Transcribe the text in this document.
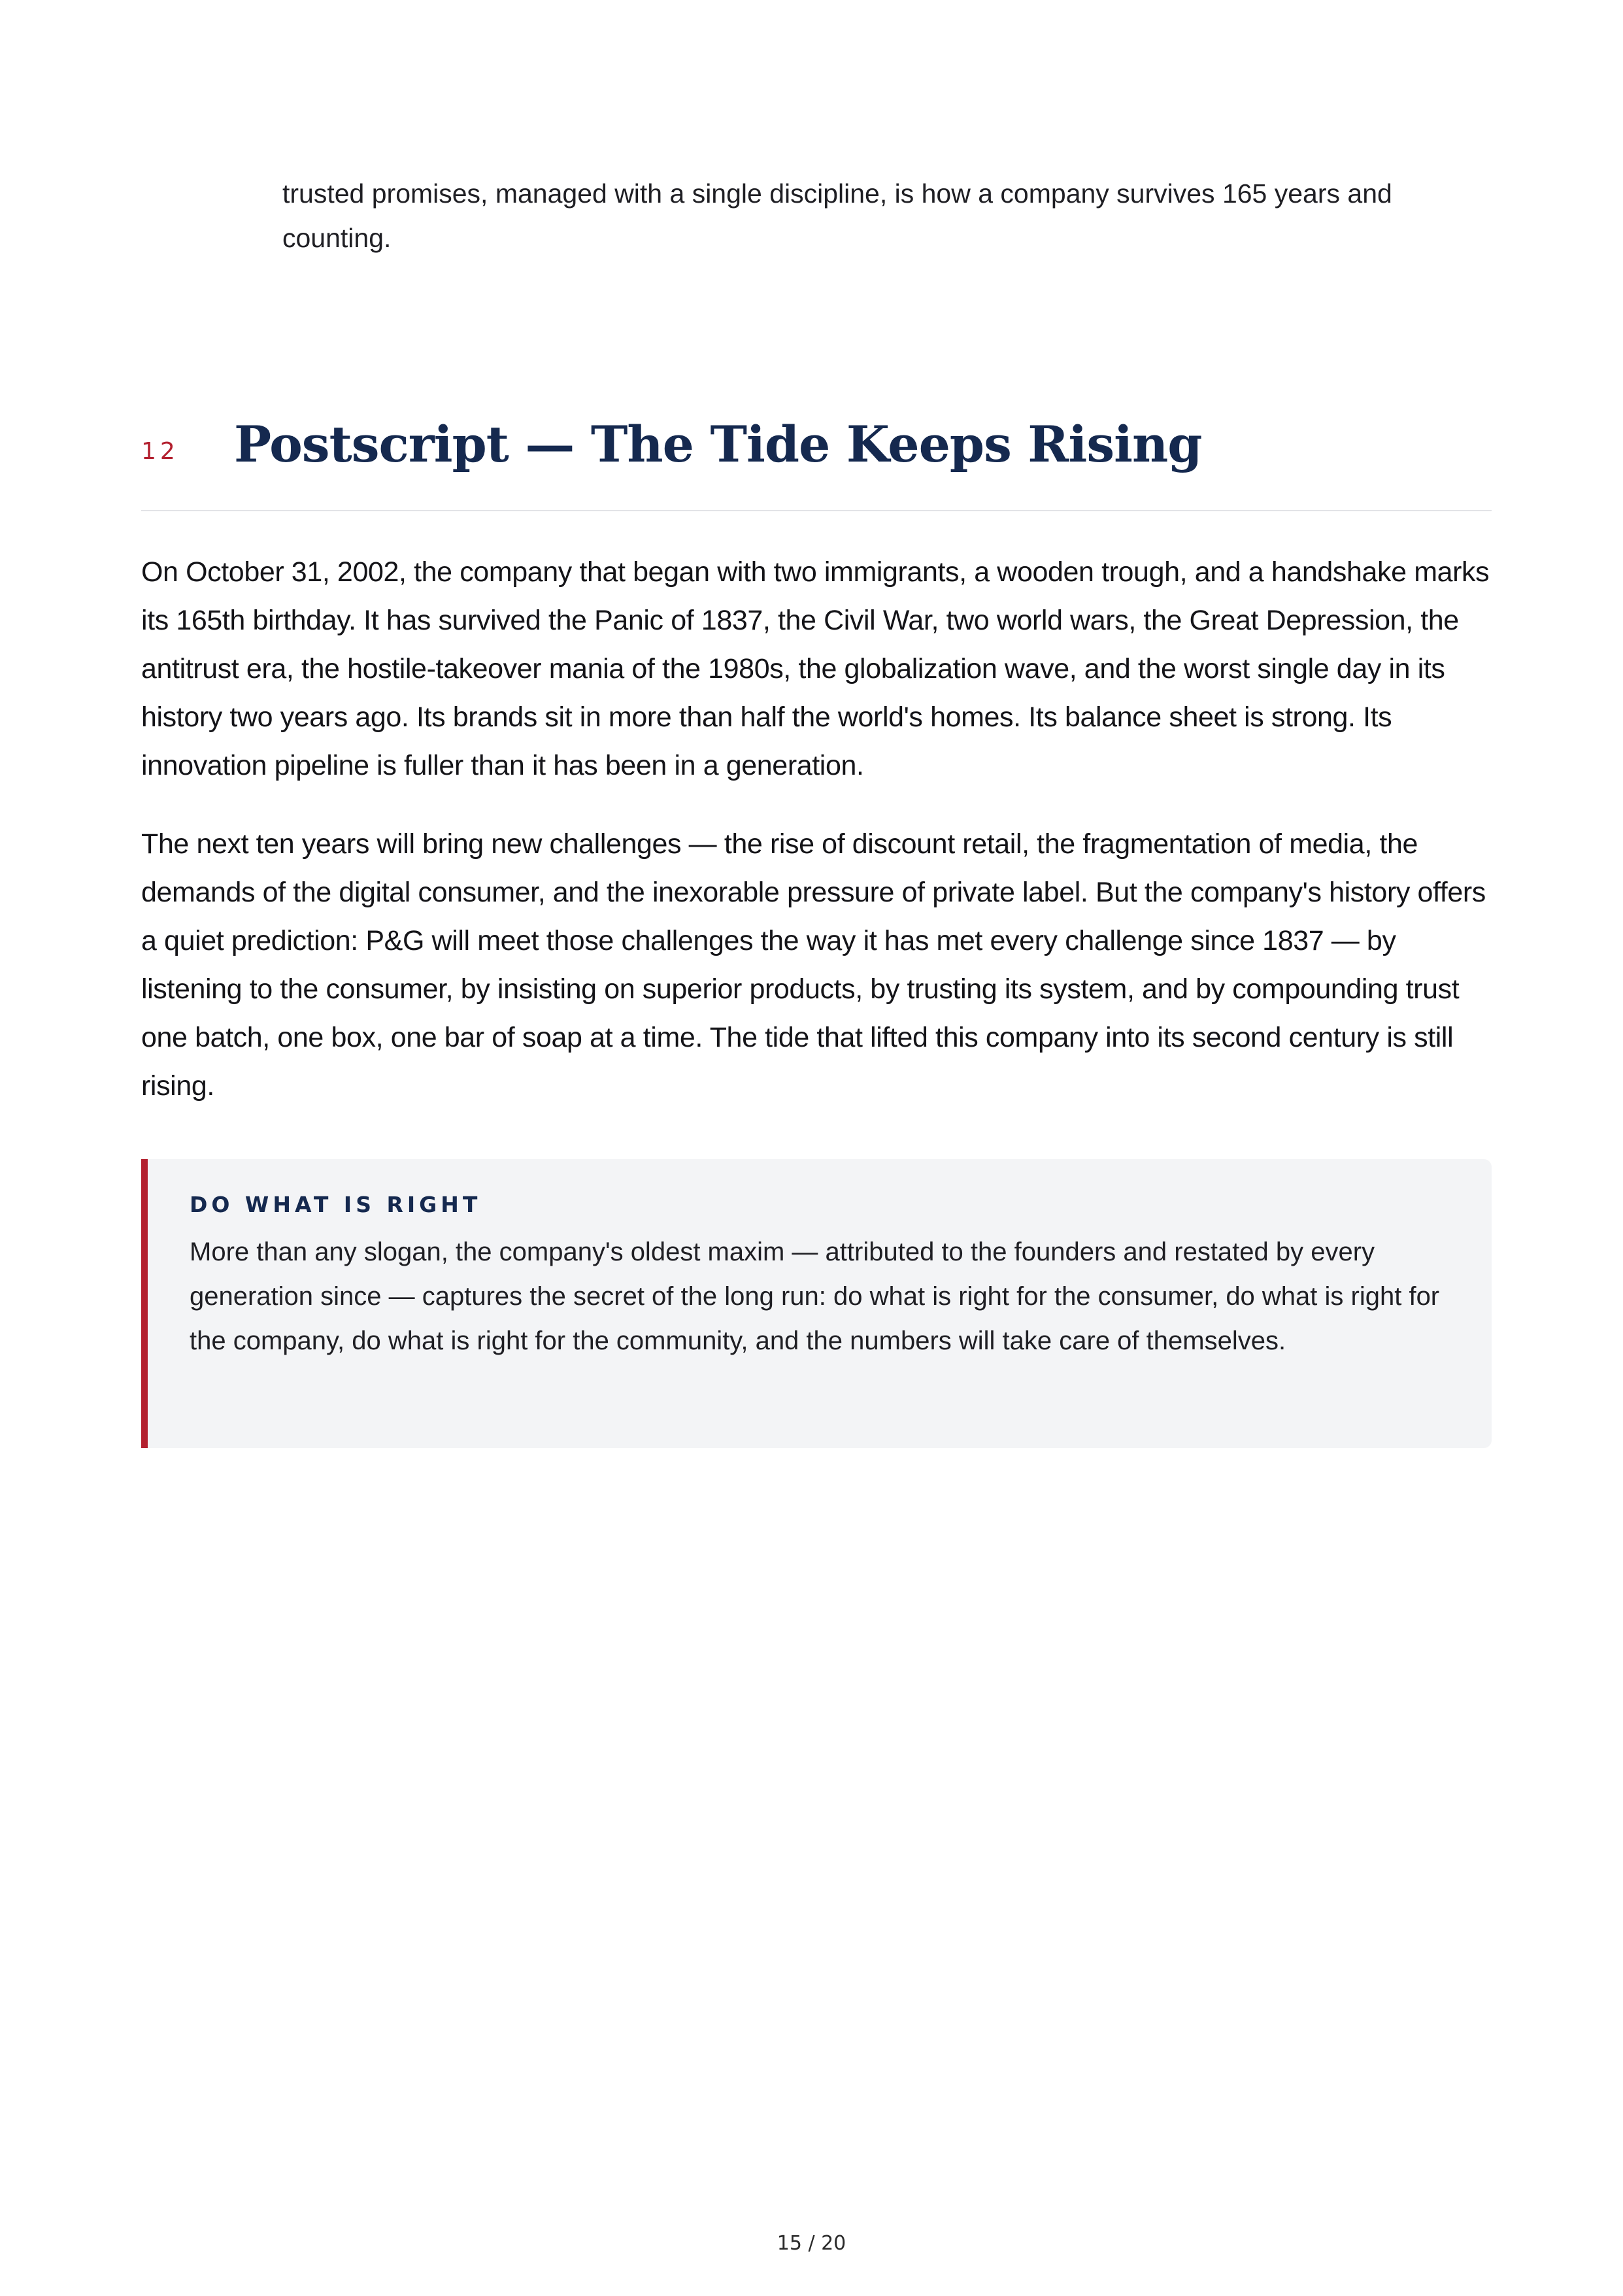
trusted promises, managed with a single discipline, is how a company survives 165 years and counting.
12 Postscript — The Tide Keeps Rising

On October 31, 2002, the company that began with two immigrants, a wooden trough, and a handshake marks its 165th birthday. It has survived the Panic of 1837, the Civil War, two world wars, the Great Depression, the antitrust era, the hostile-takeover mania of the 1980s, the globalization wave, and the worst single day in its history two years ago. Its brands sit in more than half the world's homes. Its balance sheet is strong. Its innovation pipeline is fuller than it has been in a generation.

The next ten years will bring new challenges — the rise of discount retail, the fragmentation of media, the demands of the digital consumer, and the inexorable pressure of private label. But the company's history offers a quiet prediction: P&G will meet those challenges the way it has met every challenge since 1837 — by listening to the consumer, by insisting on superior products, by trusting its system, and by compounding trust one batch, one box, one bar of soap at a time. The tide that lifted this company into its second century is still rising.

DO WHAT IS RIGHT
More than any slogan, the company's oldest maxim — attributed to the founders and restated by every generation since — captures the secret of the long run: do what is right for the consumer, do what is right for the company, do what is right for the community, and the numbers will take care of themselves.
15 / 20
